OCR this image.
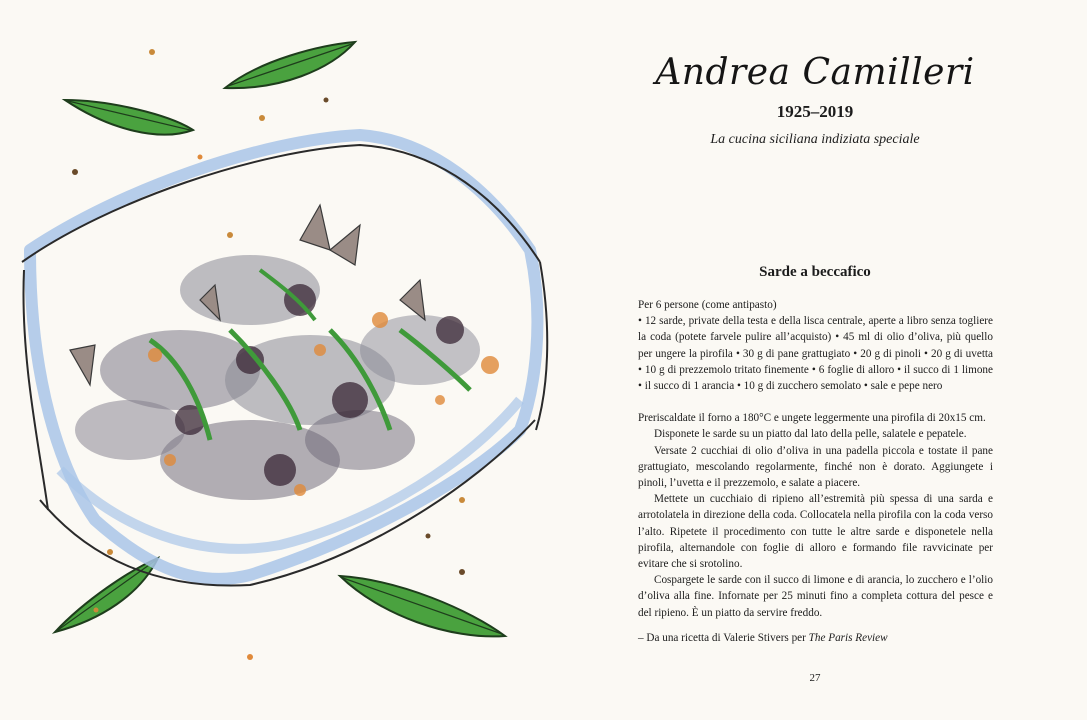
Andrea Camilleri
1925–2019
La cucina siciliana indiziata speciale
Sarde a beccafico

Per 6 persone (come antipasto)

• 12 sarde, private della testa e della lisca centrale, aperte a libro senza togliere la coda (potete farvele pulire all’acquisto) • 45 ml di olio d’oliva, più quello per ungere la pirofila • 30 g di pane grattugiato • 20 g di pinoli • 20 g di uvetta • 10 g di prezzemolo tritato finemente • 6 foglie di alloro • il succo di 1 limone • il succo di 1 arancia • 10 g di zucchero semolato • sale e pepe nero

Preriscaldate il forno a 180°C e ungete leggermente una pirofila di 20x15 cm.

Disponete le sarde su un piatto dal lato della pelle, salatele e pepatele.

Versate 2 cucchiai di olio d’oliva in una padella piccola e tostate il pane grattugiato, mescolando regolarmente, finché non è dorato. Aggiungete i pinoli, l’uvetta e il prezzemolo, e salate a piacere.

Mettete un cucchiaio di ripieno all’estremità più spessa di una sarda e arrotolatela in direzione della coda. Collocatela nella pirofila con la coda verso l’alto. Ripetete il procedimento con tutte le altre sarde e disponetele nella pirofila, alternandole con foglie di alloro e formando file ravvicinate per evitare che si srotolino.

Cospargete le sarde con il succo di limone e di arancia, lo zucchero e l’olio d’oliva alla fine. Infornate per 25 minuti fino a completa cottura del pesce e del ripieno. È un piatto da servire freddo.

– Da una ricetta di Valerie Stivers per The Paris Review
27
